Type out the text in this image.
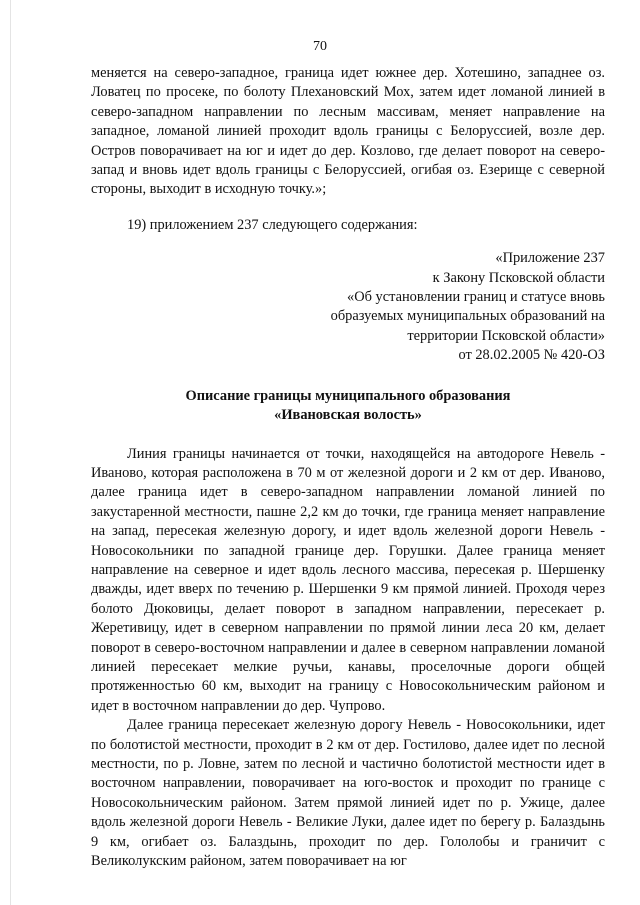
70

меняется на северо-западное, граница идет южнее дер. Хотешино, западнее оз. Ловатец по просеке, по болоту Плехановский Мох, затем идет ломаной линией в северо-западном направлении по лесным массивам, меняет направление на западное, ломаной линией проходит вдоль границы с Белоруссией, возле дер. Остров поворачивает на юг и идет до дер. Козлово, где делает поворот на северо-запад и вновь идет вдоль границы с Белоруссией, огибая оз. Езерище с северной стороны, выходит в исходную точку.»;

19) приложением 237 следующего содержания:

«Приложение 237
к Закону Псковской области
«Об установлении границ и статусе вновь
образуемых муниципальных образований на
территории Псковской области»
от 28.02.2005 № 420-ОЗ
Описание границы муниципального образования
«Ивановская волость»

Линия границы начинается от точки, находящейся на автодороге Невель - Иваново, которая расположена в 70 м от железной дороги и 2 км от дер. Иваново, далее граница идет в северо-западном направлении ломаной линией по закустаренной местности, пашне 2,2 км до точки, где граница меняет направление на запад, пересекая железную дорогу, и идет вдоль железной дороги Невель - Новосокольники по западной границе дер. Горушки. Далее граница меняет направление на северное и идет вдоль лесного массива, пересекая р. Шершенку дважды, идет вверх по течению р. Шершенки 9 км прямой линией. Проходя через болото Дюковицы, делает поворот в западном направлении, пересекает р. Жеретивицу, идет в северном направлении по прямой линии леса 20 км, делает поворот в северо-восточном направлении и далее в северном направлении ломаной линией пересекает мелкие ручьи, канавы, проселочные дороги общей протяженностью 60 км, выходит на границу с Новосокольническим районом и идет в восточном направлении до дер. Чупрово.

Далее граница пересекает железную дорогу Невель - Новосокольники, идет по болотистой местности, проходит в 2 км от дер. Гостилово, далее идет по лесной местности, по р. Ловне, затем по лесной и частично болотистой местности идет в восточном направлении, поворачивает на юго-восток и проходит по границе с Новосокольническим районом. Затем прямой линией идет по р. Ужице, далее вдоль железной дороги Невель - Великие Луки, далее идет по берегу р. Балаздынь 9 км, огибает оз. Балаздынь, проходит по дер. Гололобы и граничит с Великолукским районом, затем поворачивает на юг
